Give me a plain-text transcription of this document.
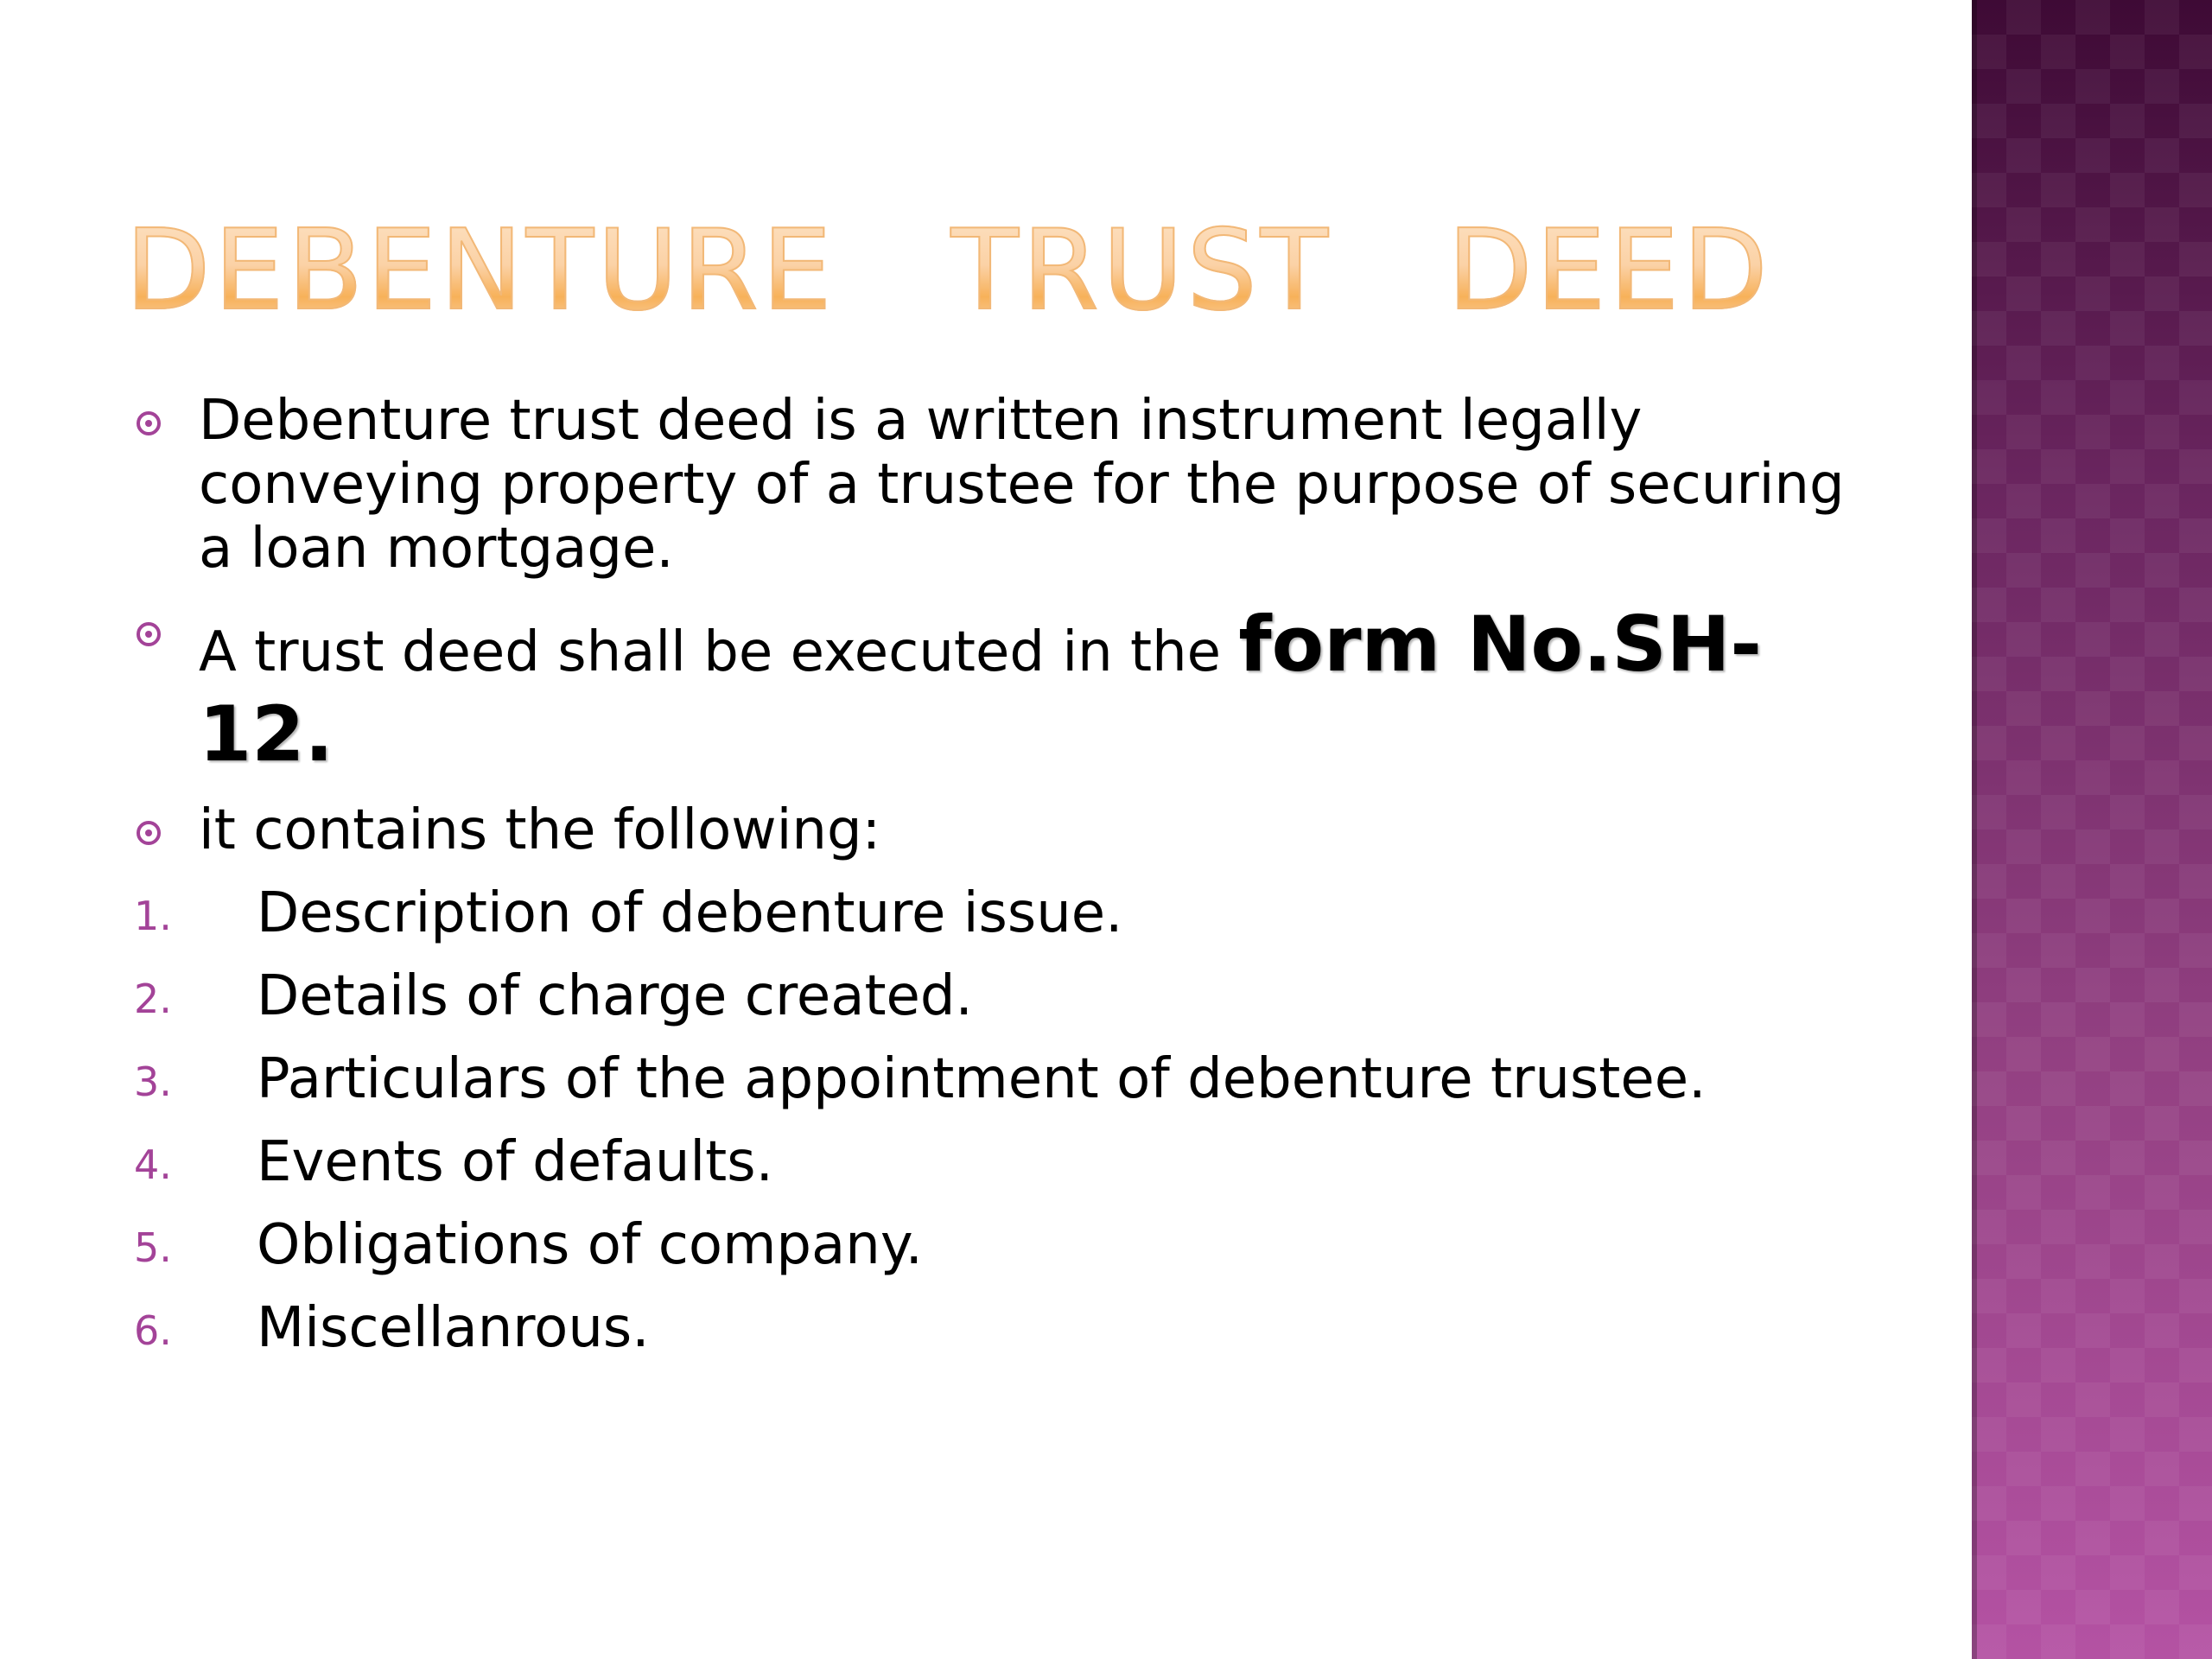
DEBENTURE   TRUST   DEED
Debenture trust deed is a written instrument legally conveying property of a trustee for the purpose of securing a loan mortgage.
A trust deed shall be executed in the form No.SH-12.
it contains the following:
1. Description of debenture issue.
2. Details of charge created.
3. Particulars of the appointment of debenture trustee.
4. Events of defaults.
5. Obligations of company.
6. Miscellanrous.
